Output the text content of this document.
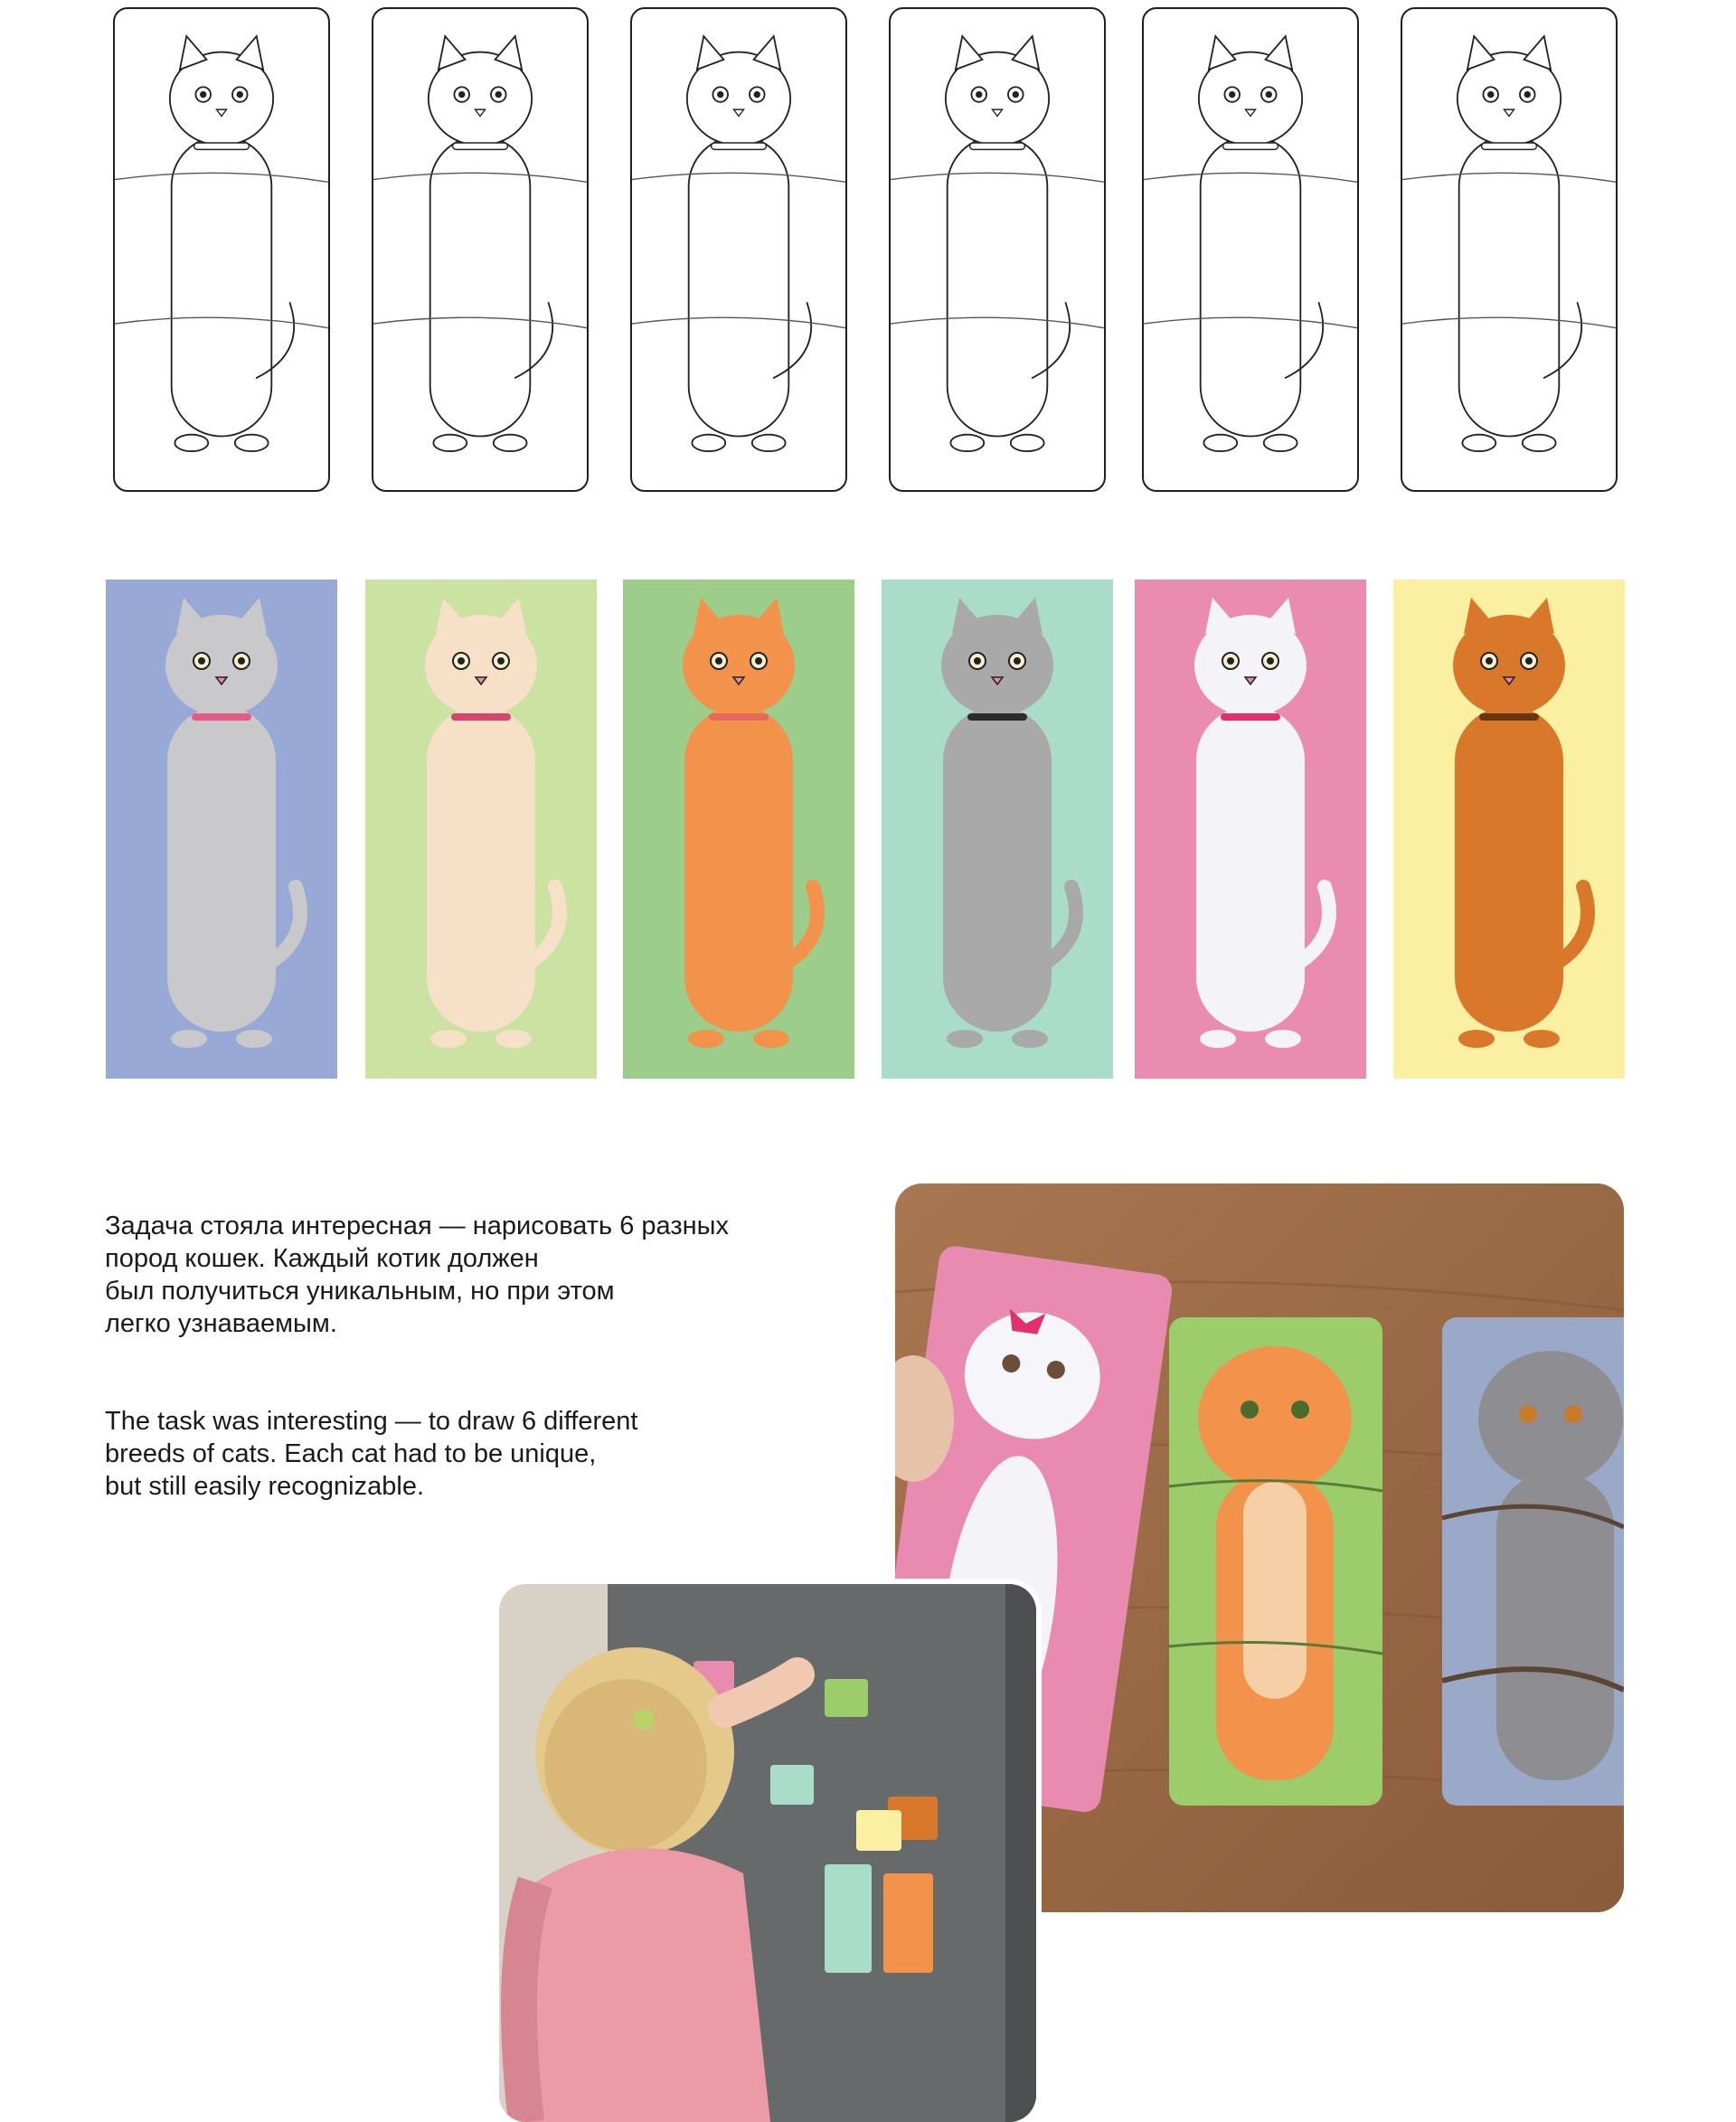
Задача стояла интересная — нарисовать 6 разных
пород кошек. Каждый котик должен
был получиться уникальным, но при этом
легко узнаваемым.

The task was interesting — to draw 6 different
breeds of cats. Each cat had to be unique,
but still easily recognizable.
